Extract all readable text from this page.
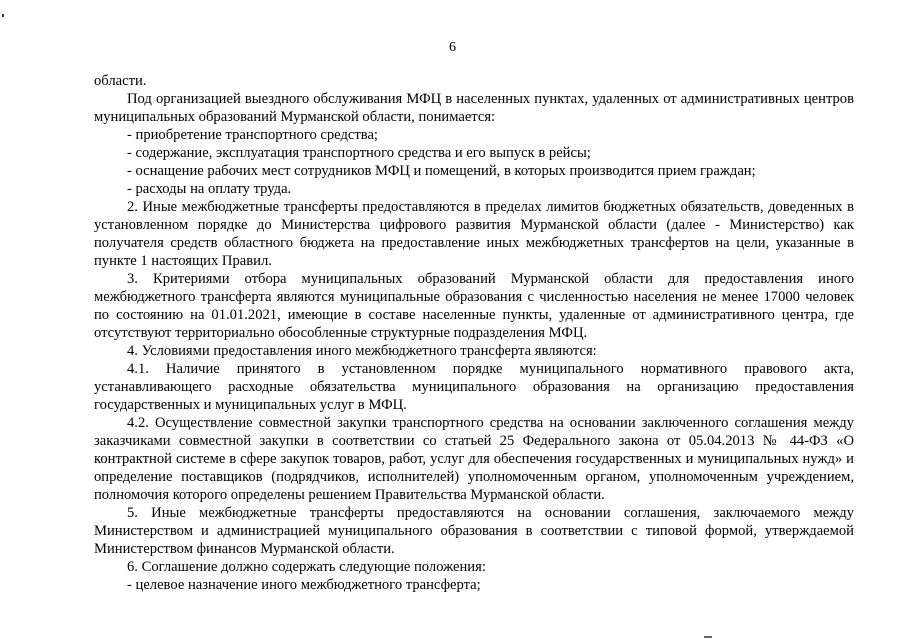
6

области.

Под организацией выездного обслуживания МФЦ в населенных пунктах, удаленных от административных центров муниципальных образований Мурманской области, понимается:

- приобретение транспортного средства;

- содержание, эксплуатация транспортного средства и его выпуск в рейсы;

- оснащение рабочих мест сотрудников МФЦ и помещений, в которых производится прием граждан;

- расходы на оплату труда.

2. Иные межбюджетные трансферты предоставляются в пределах лимитов бюджетных обязательств, доведенных в установленном порядке до Министерства цифрового развития Мурманской области (далее - Министерство) как получателя средств областного бюджета на предоставление иных межбюджетных трансфертов на цели, указанные в пункте 1 настоящих Правил.

3. Критериями отбора муниципальных образований Мурманской области для предоставления иного межбюджетного трансферта являются муниципальные образования с численностью населения не менее 17000 человек по состоянию на 01.01.2021, имеющие в составе населенные пункты, удаленные от административного центра, где отсутствуют территориально обособленные структурные подразделения МФЦ.

4. Условиями предоставления иного межбюджетного трансферта являются:

4.1. Наличие принятого в установленном порядке муниципального нормативного правового акта, устанавливающего расходные обязательства муниципального образования на организацию предоставления государственных и муниципальных услуг в МФЦ.

4.2. Осуществление совместной закупки транспортного средства на основании заключенного соглашения между заказчиками совместной закупки в соответствии со статьей 25 Федерального закона от 05.04.2013 № 44-ФЗ «О контрактной системе в сфере закупок товаров, работ, услуг для обеспечения государственных и муниципальных нужд» и определение поставщиков (подрядчиков, исполнителей) уполномоченным органом, уполномоченным учреждением, полномочия которого определены решением Правительства Мурманской области.

5. Иные межбюджетные трансферты предоставляются на основании соглашения, заключаемого между Министерством и администрацией муниципального образования в соответствии с типовой формой, утверждаемой Министерством финансов Мурманской области.

6. Соглашение должно содержать следующие положения:

- целевое назначение иного межбюджетного трансферта;
